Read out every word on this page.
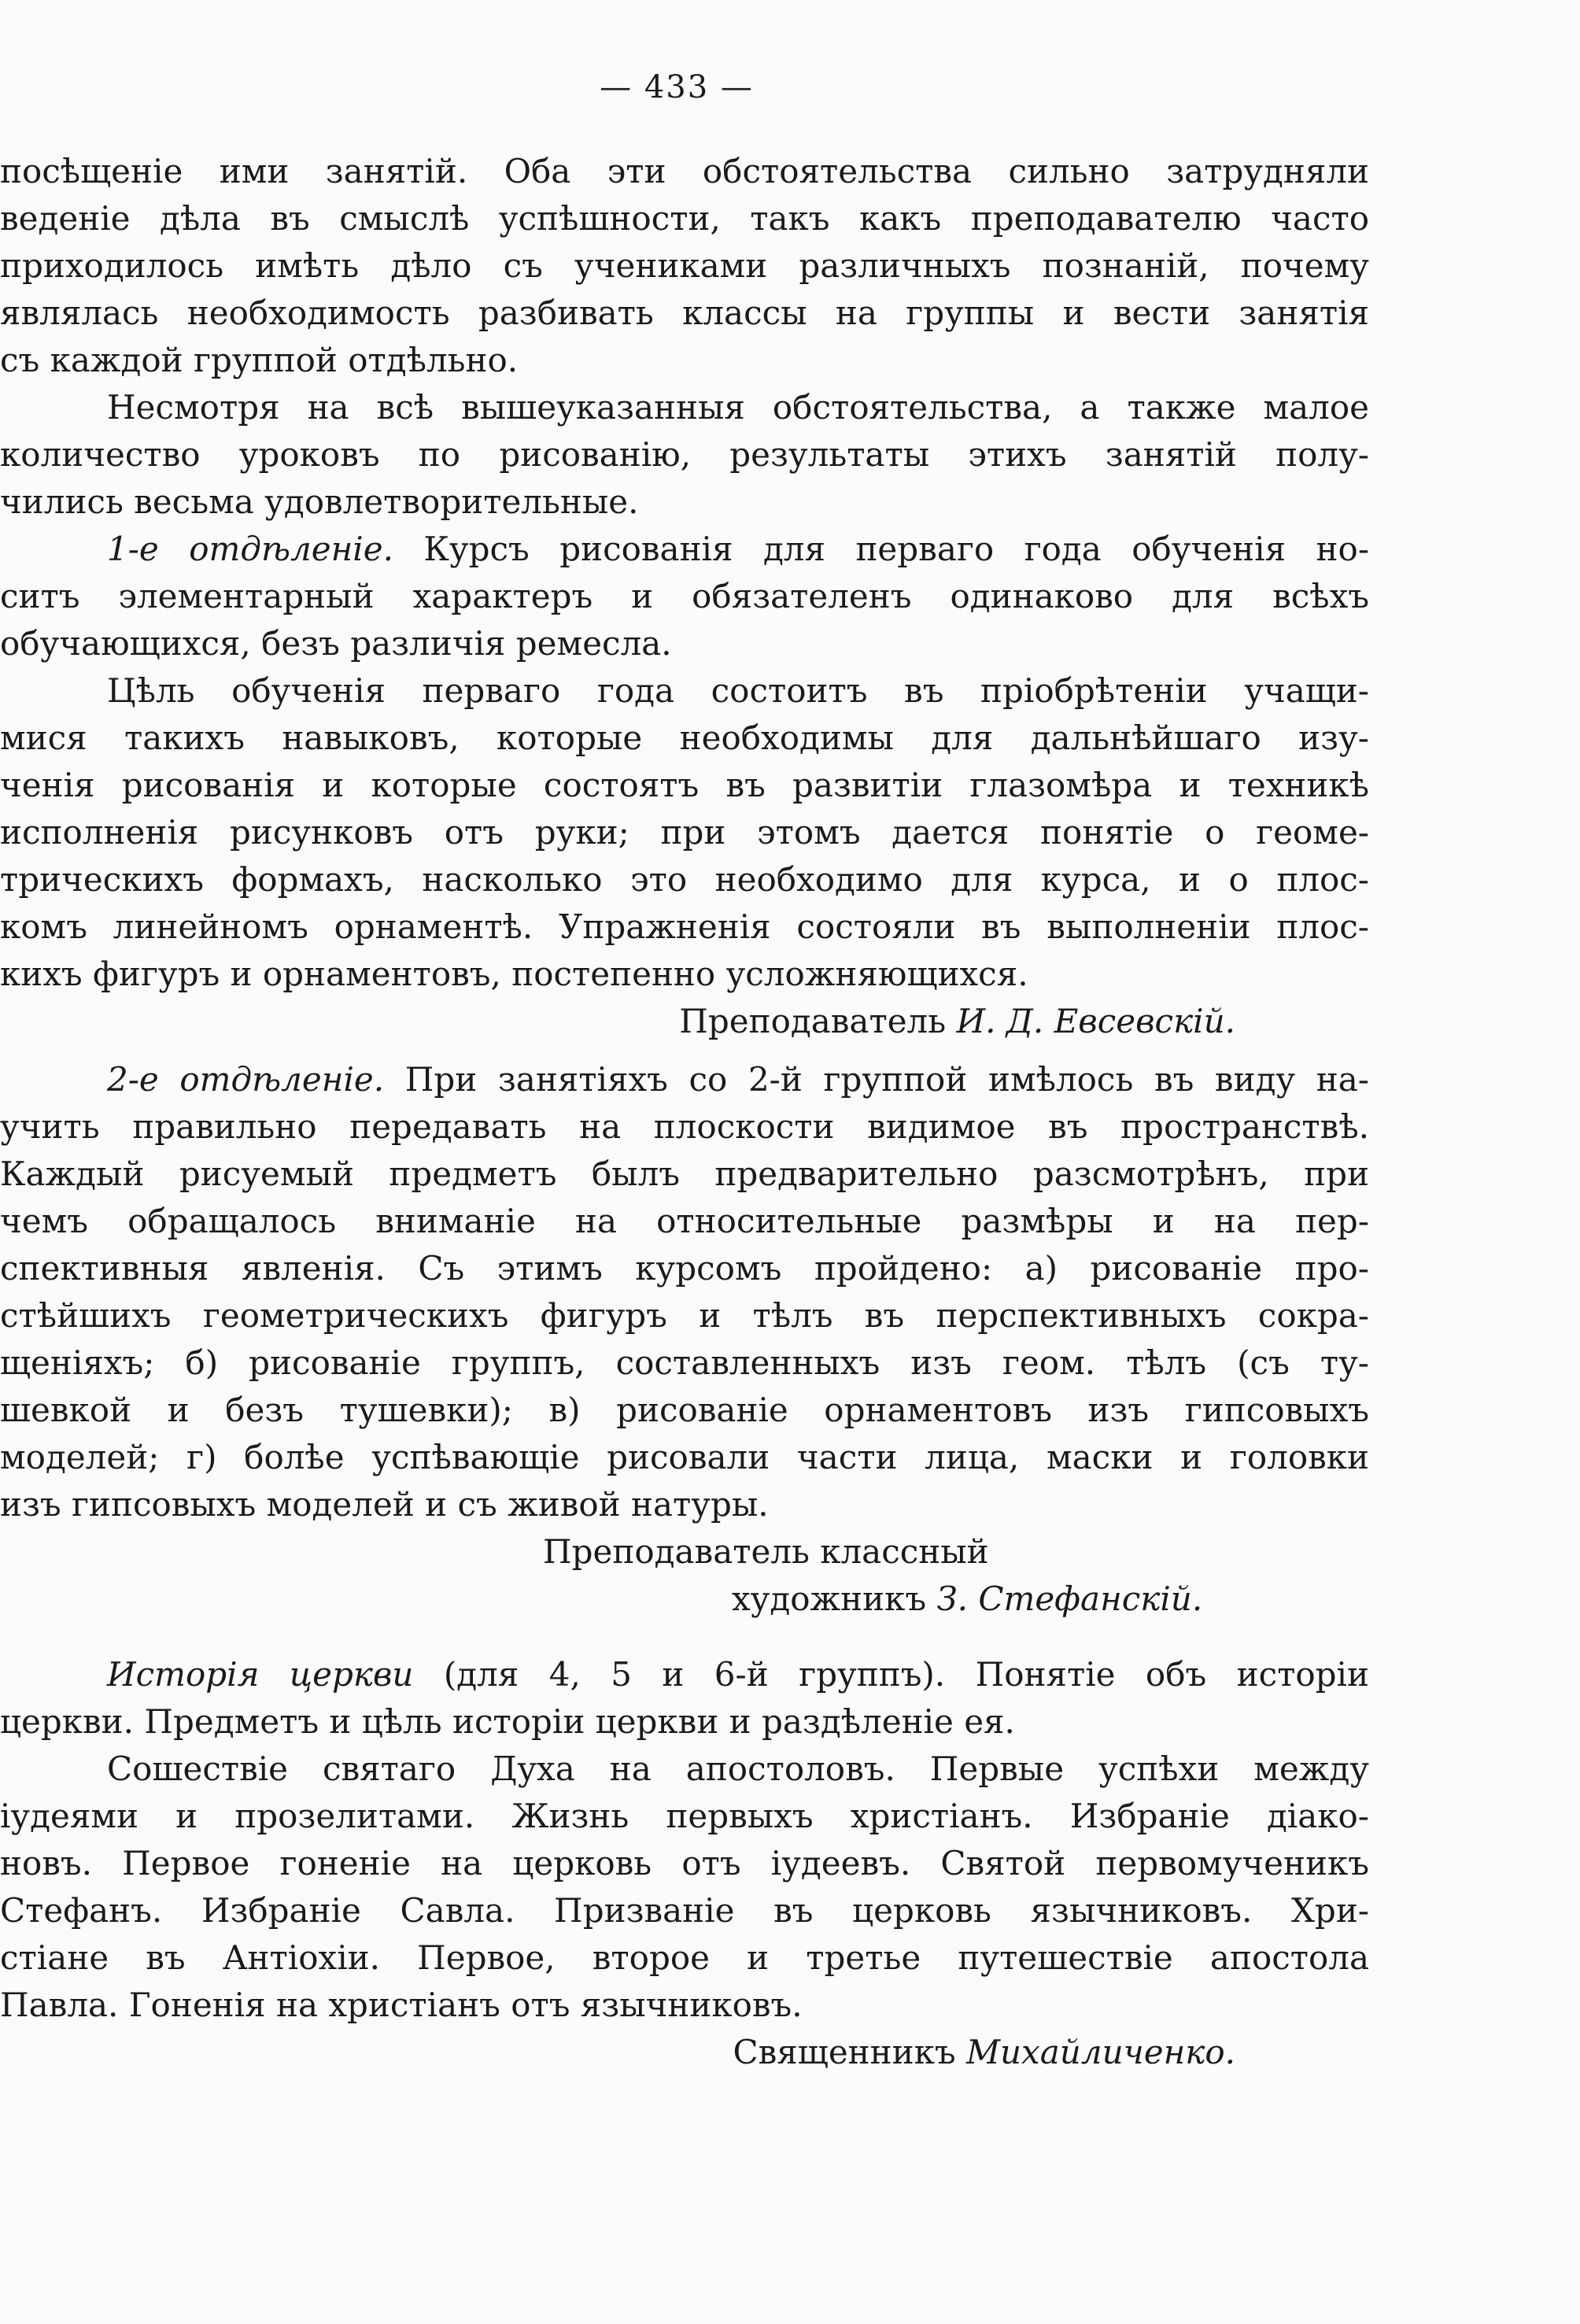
— 433 —
посѣщеніе ими занятій. Оба эти обстоятельства сильно затрудняли
веденіе дѣла въ смыслѣ успѣшности, такъ какъ преподавателю часто
приходилось имѣть дѣло съ учениками различныхъ познаній, почему
являлась необходимость разбивать классы на группы и вести занятія
съ каждой группой отдѣльно.
Несмотря на всѣ вышеуказанныя обстоятельства, а также малое
количество уроковъ по рисованію, результаты этихъ занятій полу-
чились весьма удовлетворительные.
1-е отдѣленіе. Курсъ рисованія для перваго года обученія но-
ситъ элементарный характеръ и обязателенъ одинаково для всѣхъ
обучающихся, безъ различія ремесла.
Цѣль обученія перваго года состоитъ въ пріобрѣтеніи учащи-
мися такихъ навыковъ, которые необходимы для дальнѣйшаго изу-
ченія рисованія и которые состоятъ въ развитіи глазомѣра и техникѣ
исполненія рисунковъ отъ руки; при этомъ дается понятіе о геоме-
трическихъ формахъ, насколько это необходимо для курса, и о плос-
комъ линейномъ орнаментѣ. Упражненія состояли въ выполненіи плос-
кихъ фигуръ и орнаментовъ, постепенно усложняющихся.
Преподаватель И. Д. Евсевскій.
2-е отдѣленіе. При занятіяхъ со 2-й группой имѣлось въ виду на-
учить правильно передавать на плоскости видимое въ пространствѣ.
Каждый рисуемый предметъ былъ предварительно разсмотрѣнъ, при
чемъ обращалось вниманіе на относительные размѣры и на пер-
спективныя явленія. Съ этимъ курсомъ пройдено: а) рисованіе про-
стѣйшихъ геометрическихъ фигуръ и тѣлъ въ перспективныхъ сокра-
щеніяхъ; б) рисованіе группъ, составленныхъ изъ геом. тѣлъ (съ ту-
шевкой и безъ тушевки); в) рисованіе орнаментовъ изъ гипсовыхъ
моделей; г) болѣе успѣвающіе рисовали части лица, маски и головки
изъ гипсовыхъ моделей и съ живой натуры.
Преподаватель классный
художникъ З. Стефанскій.
Исторія церкви (для 4, 5 и 6-й группъ). Понятіе объ исторіи
церкви. Предметъ и цѣль исторіи церкви и раздѣленіе ея.
Сошествіе святаго Духа на апостоловъ. Первые успѣхи между
іудеями и прозелитами. Жизнь первыхъ христіанъ. Избраніе діако-
новъ. Первое гоненіе на церковь отъ іудеевъ. Святой первомученикъ
Стефанъ. Избраніе Савла. Призваніе въ церковь язычниковъ. Хри-
стіане въ Антіохіи. Первое, второе и третье путешествіе апостола
Павла. Гоненія на христіанъ отъ язычниковъ.
Священникъ Михайличенко.
